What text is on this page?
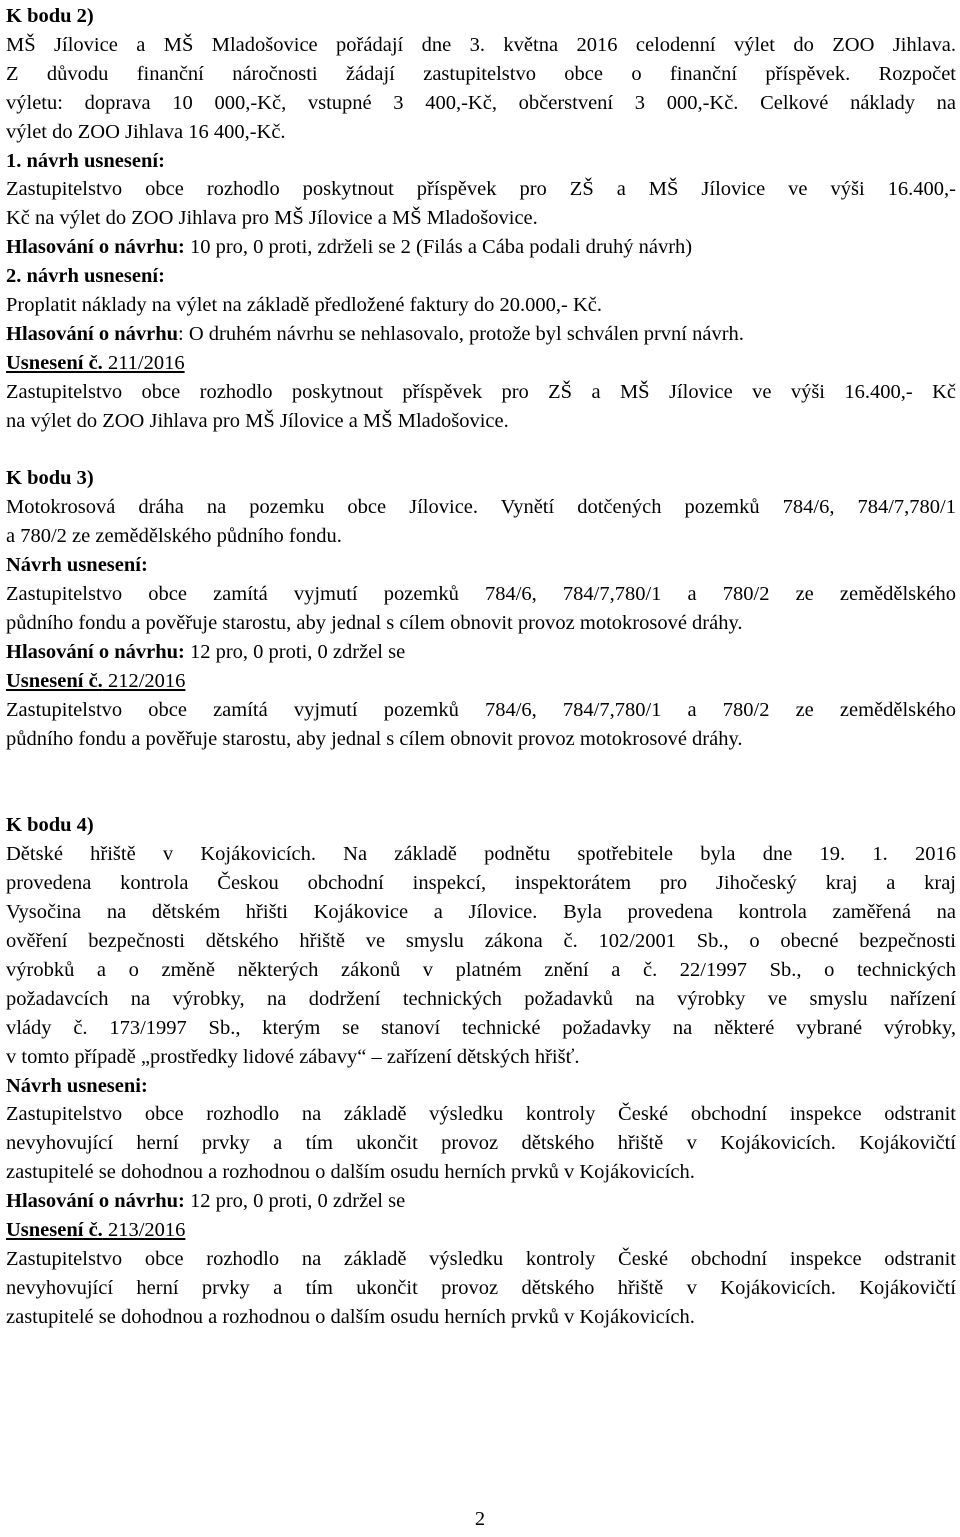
K bodu 2)
MŠ Jílovice a MŠ Mladošovice pořádají dne 3. května 2016 celodenní výlet do ZOO Jihlava.
Z důvodu finanční náročnosti žádají zastupitelstvo obce o finanční příspěvek. Rozpočet
výletu: doprava 10 000,-Kč, vstupné 3 400,-Kč, občerstvení 3 000,-Kč. Celkové náklady na
výlet do ZOO Jihlava 16 400,-Kč.
1. návrh usnesení:
Zastupitelstvo obce rozhodlo poskytnout příspěvek pro ZŠ a MŠ Jílovice ve výši 16.400,-
Kč na výlet do ZOO Jihlava pro MŠ Jílovice a MŠ Mladošovice.
Hlasování o návrhu: 10 pro, 0 proti, zdrželi se 2 (Filás a Cába podali druhý návrh)
2. návrh usnesení:
Proplatit náklady na výlet na základě předložené faktury do 20.000,- Kč.
Hlasování o návrhu: O druhém návrhu se nehlasovalo, protože byl schválen první návrh.
Usnesení č. 211/2016
Zastupitelstvo obce rozhodlo poskytnout příspěvek pro ZŠ a MŠ Jílovice ve výši 16.400,- Kč
na výlet do ZOO Jihlava pro MŠ Jílovice a MŠ Mladošovice.
K bodu 3)
Motokrosová dráha na pozemku obce Jílovice. Vynětí dotčených pozemků 784/6, 784/7,780/1
a 780/2 ze zemědělského půdního fondu.
Návrh usnesení:
Zastupitelstvo obce zamítá vyjmutí pozemků 784/6, 784/7,780/1 a 780/2 ze zemědělského
půdního fondu a pověřuje starostu, aby jednal s cílem obnovit provoz motokrosové dráhy.
Hlasování o návrhu: 12 pro, 0 proti, 0 zdržel se
Usnesení č. 212/2016
Zastupitelstvo obce zamítá vyjmutí pozemků 784/6, 784/7,780/1 a 780/2 ze zemědělského
půdního fondu a pověřuje starostu, aby jednal s cílem obnovit provoz motokrosové dráhy.
K bodu 4)
Dětské hřiště v Kojákovicích. Na základě podnětu spotřebitele byla dne 19. 1. 2016
provedena kontrola Českou obchodní inspekcí, inspektorátem pro Jihočeský kraj a kraj
Vysočina na dětském hřišti Kojákovice a Jílovice. Byla provedena kontrola zaměřená na
ověření bezpečnosti dětského hřiště ve smyslu zákona č. 102/2001 Sb., o obecné bezpečnosti
výrobků a o změně některých zákonů v platném znění a č. 22/1997 Sb., o technických
požadavcích na výrobky, na dodržení technických požadavků na výrobky ve smyslu nařízení
vlády č. 173/1997 Sb., kterým se stanoví technické požadavky na některé vybrané výrobky,
v tomto případě „prostředky lidové zábavy“ – zařízení dětských hřišť.
Návrh usneseni:
Zastupitelstvo obce rozhodlo na základě výsledku kontroly České obchodní inspekce odstranit
nevyhovující herní prvky a tím ukončit provoz dětského hřiště v Kojákovicích. Kojákovičtí
zastupitelé se dohodnou a rozhodnou o dalším osudu herních prvků v Kojákovicích.
Hlasování o návrhu: 12 pro, 0 proti, 0 zdržel se
Usnesení č. 213/2016
Zastupitelstvo obce rozhodlo na základě výsledku kontroly České obchodní inspekce odstranit
nevyhovující herní prvky a tím ukončit provoz dětského hřiště v Kojákovicích. Kojákovičtí
zastupitelé se dohodnou a rozhodnou o dalším osudu herních prvků v Kojákovicích.
2
